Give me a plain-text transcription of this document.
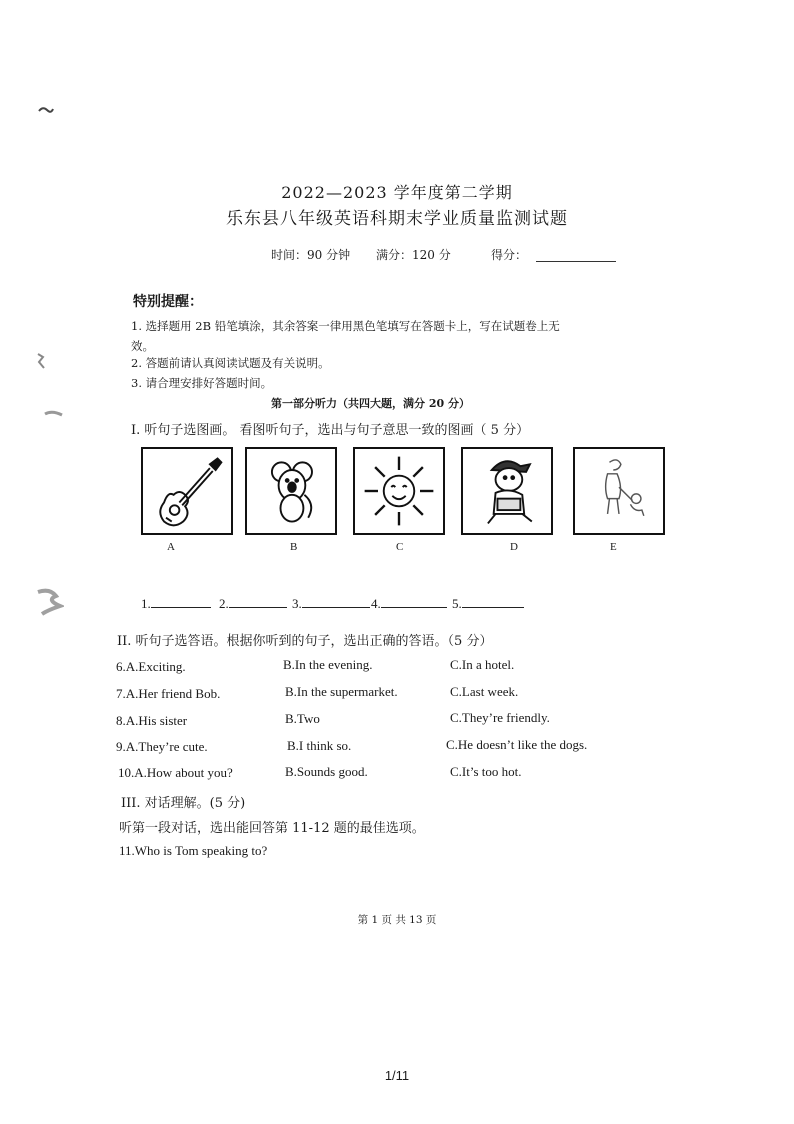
2022—2023 学年度第二学期
乐东县八年级英语科期末学业质量监测试题
时间：90 分钟 满分：120 分	得分：
特别提醒：
1. 选择题用 2B 铅笔填涂，其余答案一律用黑色笔填写在答题卡上，写在试题卷上无
效。
2. 答题前请认真阅读试题及有关说明。
3. 请合理安排好答题时间。
第一部分听力（共四大题，满分 20 分）
I. 听句子选图画。 看图听句子，选出与句子意思一致的图画（ 5 分）
A	B	C	D	E
1.	2.	3.	4.	5.
II. 听句子选答语。根据你听到的句子，选出正确的答语。（5 分）
6.A.Exciting.	B.In the evening.	C.In a hotel.
7.A.Her friend Bob.	B.In the supermarket.	C.Last week.
8.A.His sister	B.Two	C.They’re friendly.
9.A.They’re cute.	B.I think so.	C.He doesn’t like the dogs.
10.A.How about you?	B.Sounds good.	C.It’s too hot.
III. 对话理解。(5 分)
听第一段对话，选出能回答第 11-12 题的最佳选项。
11.Who is Tom speaking to?
第 1 页 共 13 页
1/11
